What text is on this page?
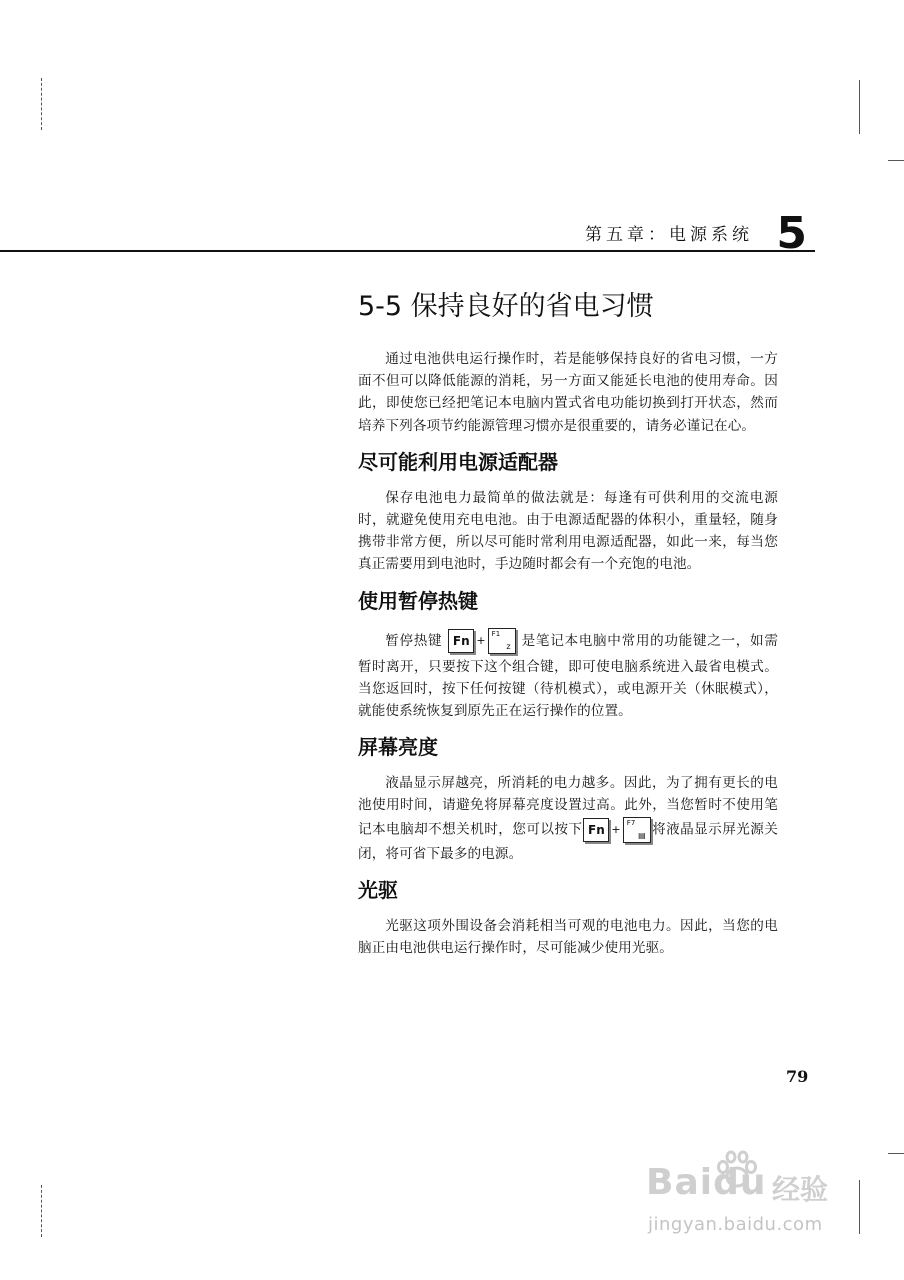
第五章：电源系统 5
5-5 保持良好的省电习惯

通过电池供电运行操作时，若是能够保持良好的省电习惯，一方面不但可以降低能源的消耗，另一方面又能延长电池的使用寿命。因此，即使您已经把笔记本电脑内置式省电功能切换到打开状态，然而培养下列各项节约能源管理习惯亦是很重要的，请务必谨记在心。

尽可能利用电源适配器

保存电池电力最简单的做法就是：每逢有可供利用的交流电源时，就避免使用充电电池。由于电源适配器的体积小，重量轻，随身携带非常方便，所以尽可能时常利用电源适配器，如此一来，每当您真正需要用到电池时，手边随时都会有一个充饱的电池。

使用暂停热键

暂停热键 Fn + F1
z 是笔记本电脑中常用的功能键之一，如需暂时离开，只要按下这个组合键，即可使电脑系统进入最省电模式。当您返回时，按下任何按键（待机模式），或电源开关（休眠模式），就能使系统恢复到原先正在运行操作的位置。

屏幕亮度

液晶显示屏越亮，所消耗的电力越多。因此，为了拥有更长的电池使用时间，请避免将屏幕亮度设置过高。此外，当您暂时不使用笔记本电脑却不想关机时，您可以按下 Fn + F7
▤ 将液晶显示屏光源关闭，将可省下最多的电源。

光驱

光驱这项外围设备会消耗相当可观的电池电力。因此，当您的电脑正由电池供电运行操作时，尽可能减少使用光驱。

79
Baidu 经验
jingyan.baidu.com
